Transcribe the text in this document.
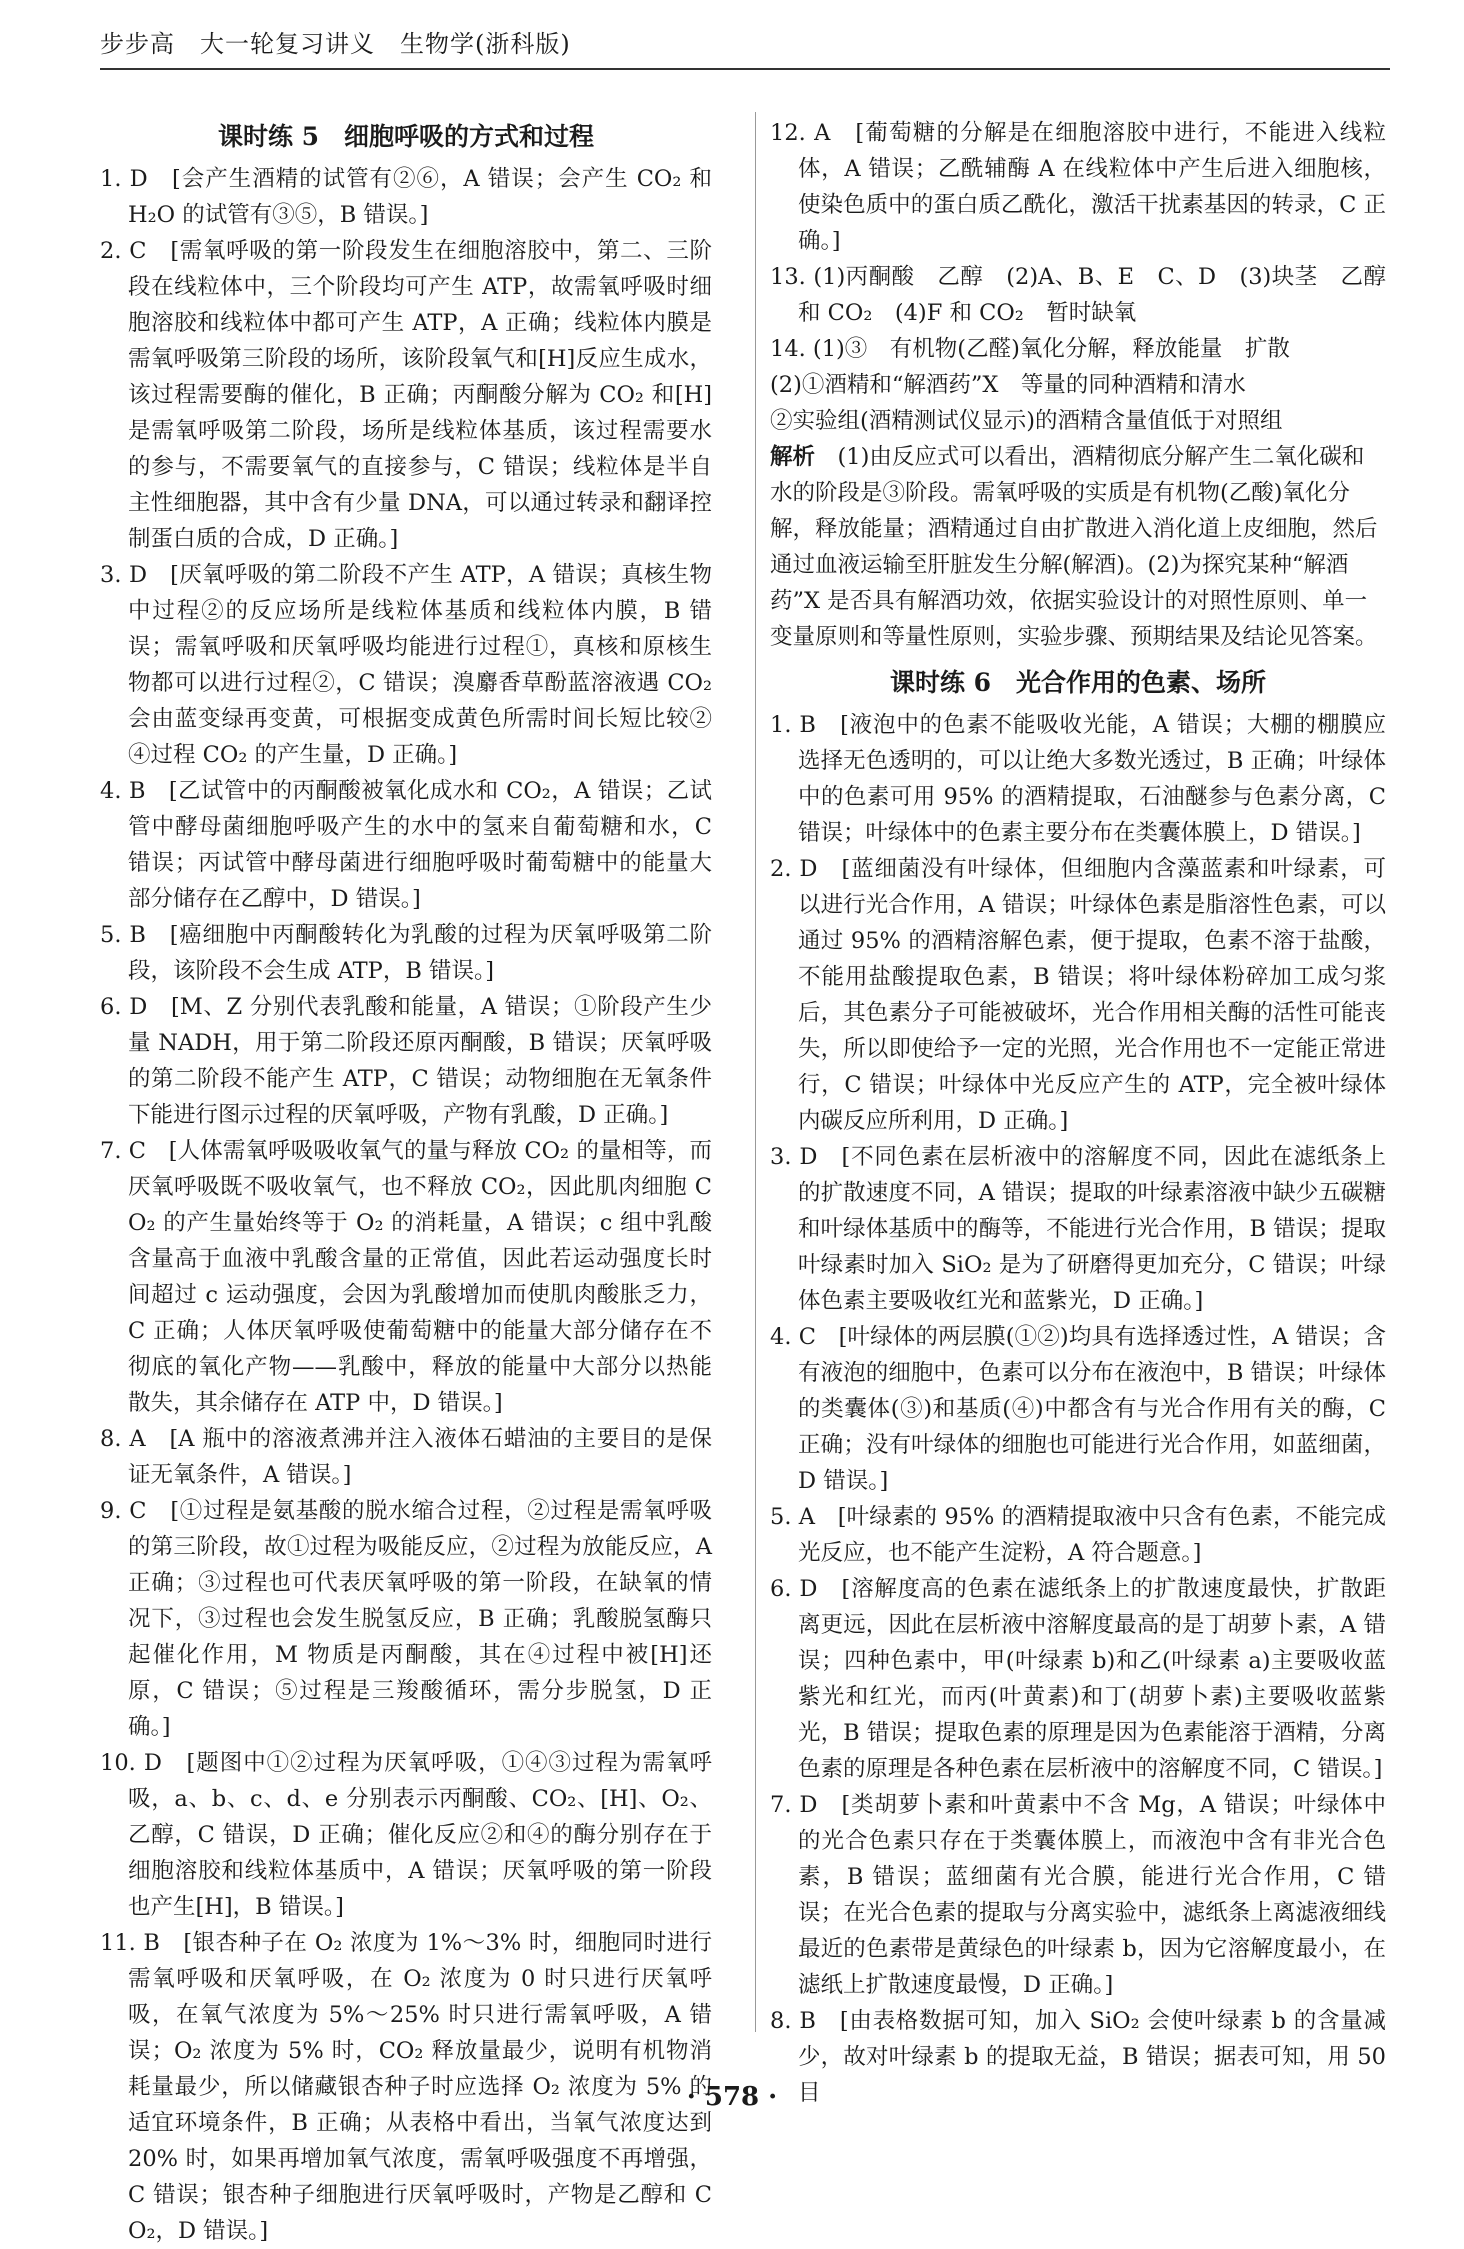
步步高　大一轮复习讲义　生物学(浙科版)
课时练 5　细胞呼吸的方式和过程
1. D　[会产生酒精的试管有②⑥，A 错误；会产生 CO₂ 和 H₂O 的试管有③⑤，B 错误。]
2. C　[需氧呼吸的第一阶段发生在细胞溶胶中，第二、三阶段在线粒体中，三个阶段均可产生 ATP，故需氧呼吸时细胞溶胶和线粒体中都可产生 ATP，A 正确；线粒体内膜是需氧呼吸第三阶段的场所，该阶段氧气和[H]反应生成水，该过程需要酶的催化，B 正确；丙酮酸分解为 CO₂ 和[H]是需氧呼吸第二阶段，场所是线粒体基质，该过程需要水的参与，不需要氧气的直接参与，C 错误；线粒体是半自主性细胞器，其中含有少量 DNA，可以通过转录和翻译控制蛋白质的合成，D 正确。]
3. D　[厌氧呼吸的第二阶段不产生 ATP，A 错误；真核生物中过程②的反应场所是线粒体基质和线粒体内膜，B 错误；需氧呼吸和厌氧呼吸均能进行过程①，真核和原核生物都可以进行过程②，C 错误；溴麝香草酚蓝溶液遇 CO₂ 会由蓝变绿再变黄，可根据变成黄色所需时间长短比较②④过程 CO₂ 的产生量，D 正确。]
4. B　[乙试管中的丙酮酸被氧化成水和 CO₂，A 错误；乙试管中酵母菌细胞呼吸产生的水中的氢来自葡萄糖和水，C 错误；丙试管中酵母菌进行细胞呼吸时葡萄糖中的能量大部分储存在乙醇中，D 错误。]
5. B　[癌细胞中丙酮酸转化为乳酸的过程为厌氧呼吸第二阶段，该阶段不会生成 ATP，B 错误。]
6. D　[M、Z 分别代表乳酸和能量，A 错误；①阶段产生少量 NADH，用于第二阶段还原丙酮酸，B 错误；厌氧呼吸的第二阶段不能产生 ATP，C 错误；动物细胞在无氧条件下能进行图示过程的厌氧呼吸，产物有乳酸，D 正确。]
7. C　[人体需氧呼吸吸收氧气的量与释放 CO₂ 的量相等，而厌氧呼吸既不吸收氧气，也不释放 CO₂，因此肌肉细胞 CO₂ 的产生量始终等于 O₂ 的消耗量，A 错误；c 组中乳酸含量高于血液中乳酸含量的正常值，因此若运动强度长时间超过 c 运动强度，会因为乳酸增加而使肌肉酸胀乏力，C 正确；人体厌氧呼吸使葡萄糖中的能量大部分储存在不彻底的氧化产物——乳酸中，释放的能量中大部分以热能散失，其余储存在 ATP 中，D 错误。]
8. A　[A 瓶中的溶液煮沸并注入液体石蜡油的主要目的是保证无氧条件，A 错误。]
9. C　[①过程是氨基酸的脱水缩合过程，②过程是需氧呼吸的第三阶段，故①过程为吸能反应，②过程为放能反应，A 正确；③过程也可代表厌氧呼吸的第一阶段，在缺氧的情况下，③过程也会发生脱氢反应，B 正确；乳酸脱氢酶只起催化作用，M 物质是丙酮酸，其在④过程中被[H]还原，C 错误；⑤过程是三羧酸循环，需分步脱氢，D 正确。]
10. D　[题图中①②过程为厌氧呼吸，①④③过程为需氧呼吸，a、b、c、d、e 分别表示丙酮酸、CO₂、[H]、O₂、乙醇，C 错误，D 正确；催化反应②和④的酶分别存在于细胞溶胶和线粒体基质中，A 错误；厌氧呼吸的第一阶段也产生[H]，B 错误。]
11. B　[银杏种子在 O₂ 浓度为 1%～3% 时，细胞同时进行需氧呼吸和厌氧呼吸，在 O₂ 浓度为 0 时只进行厌氧呼吸，在氧气浓度为 5%～25% 时只进行需氧呼吸，A 错误；O₂ 浓度为 5% 时，CO₂ 释放量最少，说明有机物消耗量最少，所以储藏银杏种子时应选择 O₂ 浓度为 5% 的适宜环境条件，B 正确；从表格中看出，当氧气浓度达到 20% 时，如果再增加氧气浓度，需氧呼吸强度不再增强，C 错误；银杏种子细胞进行厌氧呼吸时，产物是乙醇和 CO₂，D 错误。]
12. A　[葡萄糖的分解是在细胞溶胶中进行，不能进入线粒体，A 错误；乙酰辅酶 A 在线粒体中产生后进入细胞核，使染色质中的蛋白质乙酰化，激活干扰素基因的转录，C 正确。]
13. (1)丙酮酸　乙醇　(2)A、B、E　C、D　(3)块茎　乙醇和 CO₂　(4)F 和 CO₂　暂时缺氧
14. (1)③　有机物(乙醛)氧化分解，释放能量　扩散
(2)①酒精和“解酒药”X　等量的同种酒精和清水
②实验组(酒精测试仪显示)的酒精含量值低于对照组
解析　 (1)由反应式可以看出，酒精彻底分解产生二氧化碳和水的阶段是③阶段。需氧呼吸的实质是有机物(乙酸)氧化分解，释放能量；酒精通过自由扩散进入消化道上皮细胞，然后通过血液运输至肝脏发生分解(解酒)。(2)为探究某种“解酒药”X 是否具有解酒功效，依据实验设计的对照性原则、单一变量原则和等量性原则，实验步骤、预期结果及结论见答案。
课时练 6　光合作用的色素、场所
1. B　[液泡中的色素不能吸收光能，A 错误；大棚的棚膜应选择无色透明的，可以让绝大多数光透过，B 正确；叶绿体中的色素可用 95% 的酒精提取，石油醚参与色素分离，C 错误；叶绿体中的色素主要分布在类囊体膜上，D 错误。]
2. D　[蓝细菌没有叶绿体，但细胞内含藻蓝素和叶绿素，可以进行光合作用，A 错误；叶绿体色素是脂溶性色素，可以通过 95% 的酒精溶解色素，便于提取，色素不溶于盐酸，不能用盐酸提取色素，B 错误；将叶绿体粉碎加工成匀浆后，其色素分子可能被破坏，光合作用相关酶的活性可能丧失，所以即使给予一定的光照，光合作用也不一定能正常进行，C 错误；叶绿体中光反应产生的 ATP，完全被叶绿体内碳反应所利用，D 正确。]
3. D　[不同色素在层析液中的溶解度不同，因此在滤纸条上的扩散速度不同，A 错误；提取的叶绿素溶液中缺少五碳糖和叶绿体基质中的酶等，不能进行光合作用，B 错误；提取叶绿素时加入 SiO₂ 是为了研磨得更加充分，C 错误；叶绿体色素主要吸收红光和蓝紫光，D 正确。]
4. C　[叶绿体的两层膜(①②)均具有选择透过性，A 错误；含有液泡的细胞中，色素可以分布在液泡中，B 错误；叶绿体的类囊体(③)和基质(④)中都含有与光合作用有关的酶，C 正确；没有叶绿体的细胞也可能进行光合作用，如蓝细菌，D 错误。]
5. A　[叶绿素的 95% 的酒精提取液中只含有色素，不能完成光反应，也不能产生淀粉，A 符合题意。]
6. D　[溶解度高的色素在滤纸条上的扩散速度最快，扩散距离更远，因此在层析液中溶解度最高的是丁胡萝卜素，A 错误；四种色素中，甲(叶绿素 b)和乙(叶绿素 a)主要吸收蓝紫光和红光，而丙(叶黄素)和丁(胡萝卜素)主要吸收蓝紫光，B 错误；提取色素的原理是因为色素能溶于酒精，分离色素的原理是各种色素在层析液中的溶解度不同，C 错误。]
7. D　[类胡萝卜素和叶黄素中不含 Mg，A 错误；叶绿体中的光合色素只存在于类囊体膜上，而液泡中含有非光合色素，B 错误；蓝细菌有光合膜，能进行光合作用，C 错误；在光合色素的提取与分离实验中，滤纸条上离滤液细线最近的色素带是黄绿色的叶绿素 b，因为它溶解度最小，在滤纸上扩散速度最慢，D 正确。]
8. B　[由表格数据可知，加入 SiO₂ 会使叶绿素 b 的含量减少，故对叶绿素 b 的提取无益，B 错误；据表可知，用 50 目
· 578 ·
